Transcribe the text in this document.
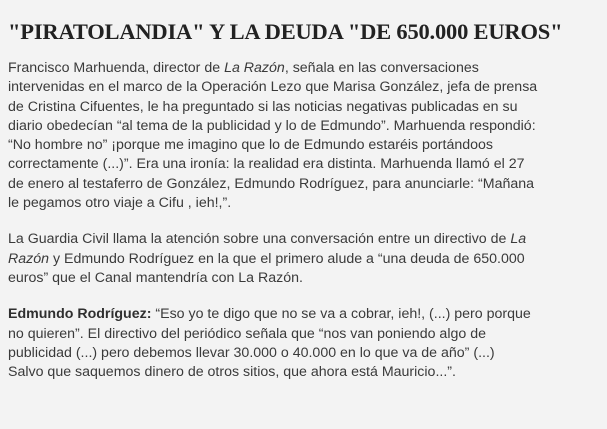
"PIRATOLANDIA" Y LA DEUDA "DE 650.000 EUROS"

Francisco Marhuenda, director de La Razón, señala en las conversaciones
intervenidas en el marco de la Operación Lezo que Marisa González, jefa de prensa
de Cristina Cifuentes, le ha preguntado si las noticias negativas publicadas en su
diario obedecían “al tema de la publicidad y lo de Edmundo”. Marhuenda respondió:
“No hombre no” ¡porque me imagino que lo de Edmundo estaréis portándoos
correctamente (...)”. Era una ironía: la realidad era distinta. Marhuenda llamó el 27
de enero al testaferro de González, Edmundo Rodríguez, para anunciarle: “Mañana
le pegamos otro viaje a Cifu , ieh!,”.

La Guardia Civil llama la atención sobre una conversación entre un directivo de La
Razón y Edmundo Rodríguez en la que el primero alude a “una deuda de 650.000
euros” que el Canal mantendría con La Razón.

Edmundo Rodríguez: “Eso yo te digo que no se va a cobrar, ieh!, (...) pero porque
no quieren”. El directivo del periódico señala que “nos van poniendo algo de
publicidad (...) pero debemos llevar 30.000 o 40.000 en lo que va de año” (...)
Salvo que saquemos dinero de otros sitios, que ahora está Mauricio...”.
